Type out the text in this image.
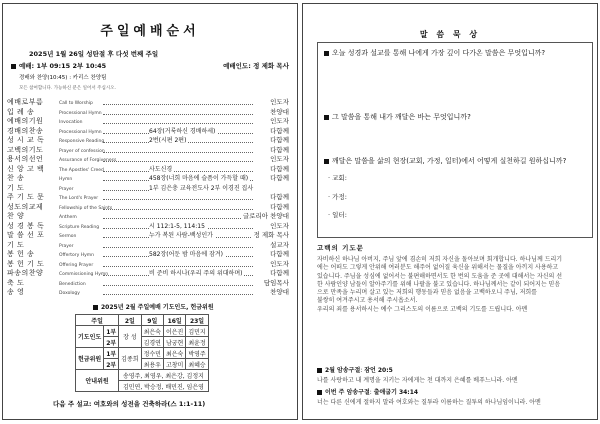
주일예배순서
2025년 1월 26일 성탄절 후 다섯 번째 주일
예배: 1부 09:15 2부 10:45	예배인도: 정 제화 목사
경배와 찬양(10:45) : 카리스 찬양팀
모든 참여합니다. 가능하신 분은 일어서 주십시오.
예배로부름	Call to Worship	인도자
입 례 송	Processional Hymn	찬양대
예배의기원	Invocation	인도자
경배의찬송	Processional Hymn	64장(거룩하신 경배하세)	다함께
성 시 교 독	Responsive Reading	2번(시편 2편)	다함께
고백의기도	Prayer of confession	다함께
용서의선언	Assurance of Forgiveness	인도자
신 앙 고 백	The Apostles' Creed	사도신경	다함께
찬 송	Hymn	458장(너희 마음에 슬픔이 가득할 때)	다함께
기 도	Prayer	1부 김은충 교육전도사 2부 이경진 집사
주 기 도 문	The Lord's Prayer	다함께
성도의교제	Fellowship of the Saints	다함께
찬 양	Anthem	글로리아 찬양대
성 경 봉 독	Scripture Reading	시 112:1-5, 114:15	인도자
말 씀 선 포	Sermon	누가 복된 사람-백성인가	정 제화 목사
기 도	Prayer	설교자
봉 헌 송	Offertory Hymn	582장(어둔 밤 마음에 잠겨)	다함께
봉 헌 기 도	Offering Prayer	인도자
파송의찬양	Commissioning Hymn	비 준비 하시나(우리 주의 위대하며)	다함께
축 도	Benediction	담임목사
송 영	Doxology	찬양대
2025년 2월 주일예배 기도인도, 헌금위원
주일		2일	9일	16일	23일
기도인도	1부	장 성	최은숙	이은진	김민지
	2부		김경연	남궁현	최윤정
헌금위원	1부	김종희	정수민	최은숙	박영주
	2부		최용우	고창미	최혜승
안내위원		송영주, 최영우, 최은강, 김정지			
		김민연, 박승정, 배민진, 임은영			
다음 주 설교: 여호와의 성전을 건축하라(스 1:1-11)
말 씀 묵 상
오늘 성경과 설교를 통해 나에게 가장 깊이 다가온 말씀은 무엇입니까?
그 말씀을 통해 내가 깨달은 바는 무엇입니까?
깨달은 말씀을 삶의 현장(교회, 가정, 일터)에서 어떻게 실천하길 원하십니까?
· 교회:
· 가정:
· 일터:
고백의 기도문
자비하신 하나님 아버지, 주님 앞에 겸손히 저희 자신을 돌아보며 회개합니다. 하나님께 드리기
에는 어떠도 그렇게 안위해 여러분도 해주어 없어질 육신을 위해서는 물질을 아끼지 사용하고
있습니다. 주님을 성심에 없어서는 불편해하면서도 한 번의 도움을 준 곳에 대해서는 자신의 선
한 사람인양 남들이 알아주기를 위해 나팔을 불고 있습니다. 하나님께서는 같이 되어지는 믿음
으로 만족을 누리며 살고 있는 저희의 행동들과 믿음 없음을 고백하오니 주님, 저희를
불쌍히 여겨주시고 용서해 주시옵소서.
우리의 죄를 용서하시는 예수 그리스도의 이름으로 고백의 기도를 드립니다. 아멘
2월 암송구절: 잠언 20:5
나를 사랑하고 내 계명을 지키는 자에게는 천 대까지 은혜를 베푸느니라. 아멘
이번 주 암송구절: 출애굽기 34:14
너는 다른 신에게 절하지 말라 여호와는 질투라 이름하는 질투의 하나님임이니라. 아멘
